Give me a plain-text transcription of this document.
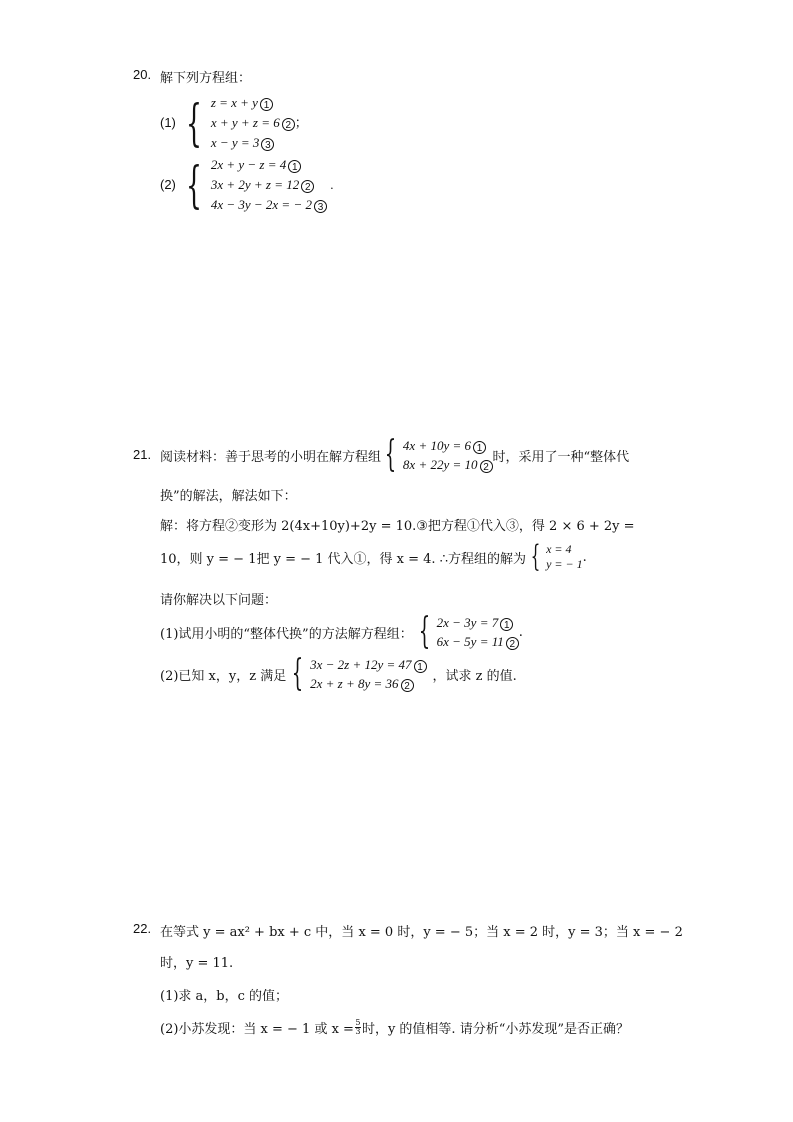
20. 解下列方程组：
(1) { z = x + y 1
x + y + z = 6 2 ；
x − y = 3 3
(2) { 2x + y − z = 4 1
3x + 2y + z = 12 2 .
4x − 3y − 2x = − 2 3
21. 阅读材料：善于思考的小明在解方程组 { 4x + 10y = 6 1
8x + 22y = 10 2
时，采用了一种“整体代
换”的解法，解法如下：
解：将方程②变形为 2(4x+10y)+2y = 10.③把方程①代入③，得 2 × 6 + 2y =
10，则 y = − 1把 y = − 1 代入①，得 x = 4. ∴方程组的解为 { x = 4
y = − 1 .
请你解决以下问题：
(1)试用小明的“整体代换”的方法解方程组： { 2x − 3y = 7 1
6x − 5y = 11 2
.
(2)已知 x，y，z 满足 { 3x − 2z + 12y = 47 1
2x + z + 8y = 36 2
，试求 z 的值.
22. 在等式 y = ax² + bx + c 中，当 x = 0 时，y = − 5；当 x = 2 时，y = 3；当 x = − 2
时，y = 11.
(1)求 a，b，c 的值；
(2)小苏发现：当 x = − 1 或 $x = \frac{5}{3}$ 时，y 的值相等. 请分析“小苏发现”是否正确？
